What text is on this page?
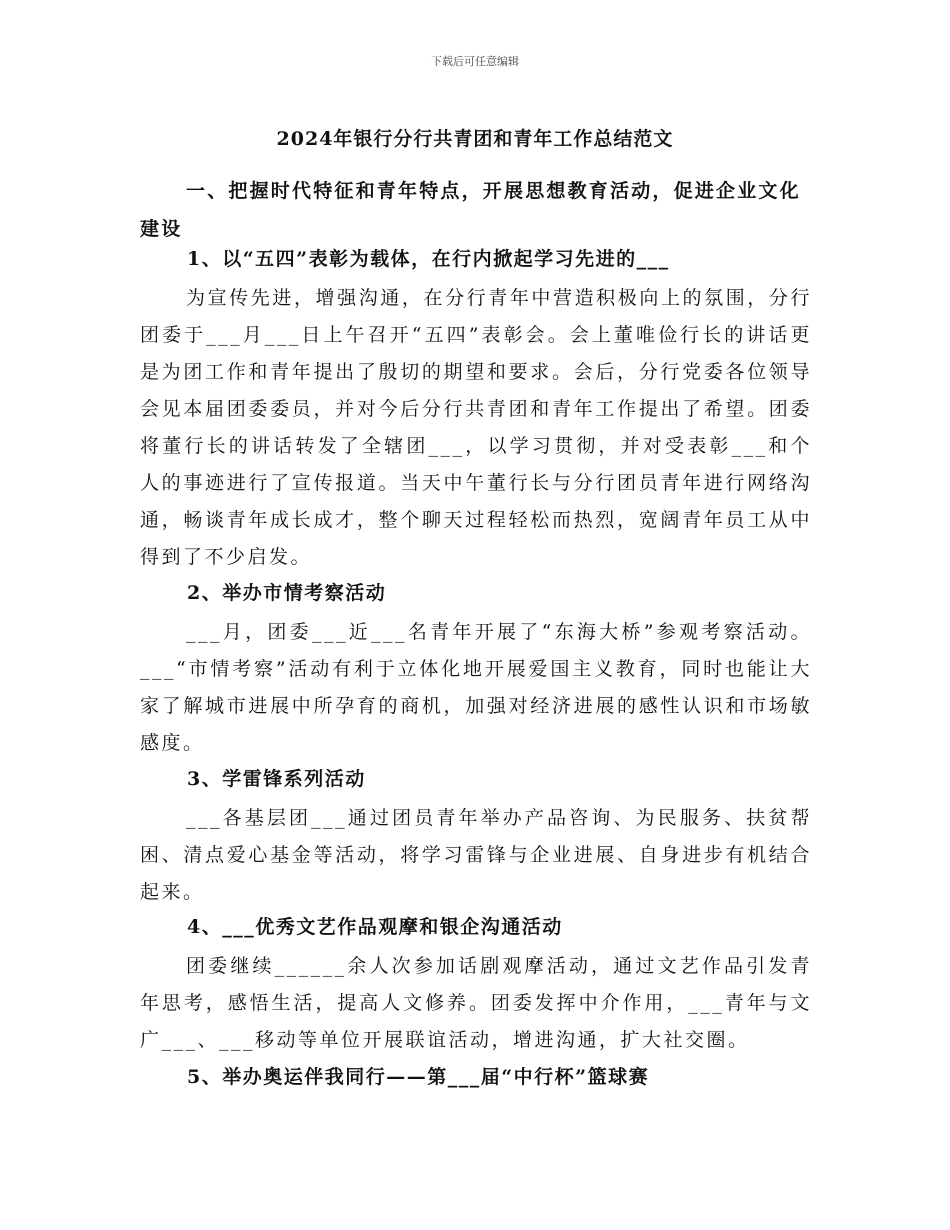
下载后可任意编辑
2024年银行分行共青团和青年工作总结范文

一、把握时代特征和青年特点，开展思想教育活动，促进企业文化建设

1、以“五四”表彰为载体，在行内掀起学习先进的___

为宣传先进，增强沟通，在分行青年中营造积极向上的氛围，分行团委于___月___日上午召开“五四”表彰会。会上董唯俭行长的讲话更是为团工作和青年提出了殷切的期望和要求。会后，分行党委各位领导会见本届团委委员，并对今后分行共青团和青年工作提出了希望。团委将董行长的讲话转发了全辖团___，以学习贯彻，并对受表彰___和个人的事迹进行了宣传报道。当天中午董行长与分行团员青年进行网络沟通，畅谈青年成长成才，整个聊天过程轻松而热烈，宽阔青年员工从中得到了不少启发。

2、举办市情考察活动

___月，团委___近___名青年开展了“东海大桥”参观考察活动。___“市情考察”活动有利于立体化地开展爱国主义教育，同时也能让大家了解城市进展中所孕育的商机，加强对经济进展的感性认识和市场敏感度。

3、学雷锋系列活动

___各基层团___通过团员青年举办产品咨询、为民服务、扶贫帮困、清点爱心基金等活动，将学习雷锋与企业进展、自身进步有机结合起来。

4、___优秀文艺作品观摩和银企沟通活动

团委继续______余人次参加话剧观摩活动，通过文艺作品引发青年思考，感悟生活，提高人文修养。团委发挥中介作用，___青年与文广___、___移动等单位开展联谊活动，增进沟通，扩大社交圈。

5、举办奥运伴我同行——第___届“中行杯”篮球赛
